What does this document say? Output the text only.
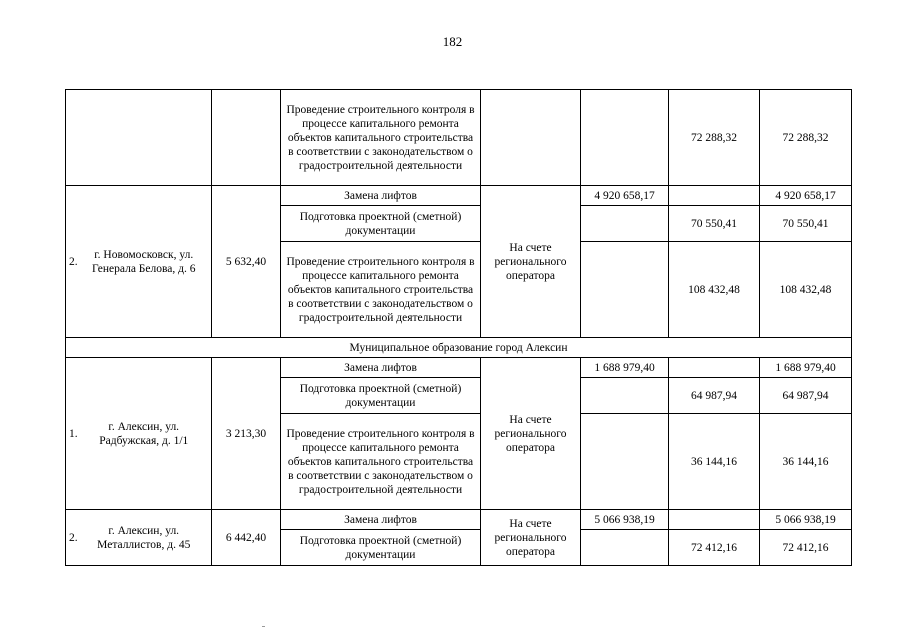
182
			Проведение строительного контроля в процессе капитального ремонта объектов капитального строительства в соответствии с законодательством о градостроительной деятельности			72 288,32	72 288,32
2.	г. Новомосковск, ул. Генерала Белова, д. 6	5 632,40	Замена лифтов	На счете регионального оператора	4 920 658,17		4 920 658,17
			Подготовка проектной (сметной) документации			70 550,41	70 550,41
			Проведение строительного контроля в процессе капитального ремонта объектов капитального строительства в соответствии с законодательством о градостроительной деятельности			108 432,48	108 432,48
Муниципальное образование город Алексин							
1.	г. Алексин, ул. Радбужская, д. 1/1	3 213,30	Замена лифтов	На счете регионального оператора	1 688 979,40		1 688 979,40
			Подготовка проектной (сметной) документации			64 987,94	64 987,94
			Проведение строительного контроля в процессе капитального ремонта объектов капитального строительства в соответствии с законодательством о градостроительной деятельности			36 144,16	36 144,16
2.	г. Алексин, ул. Металлистов, д. 45	6 442,40	Замена лифтов	На счете регионального оператора	5 066 938,19		5 066 938,19
			Подготовка проектной (сметной) документации			72 412,16	72 412,16
